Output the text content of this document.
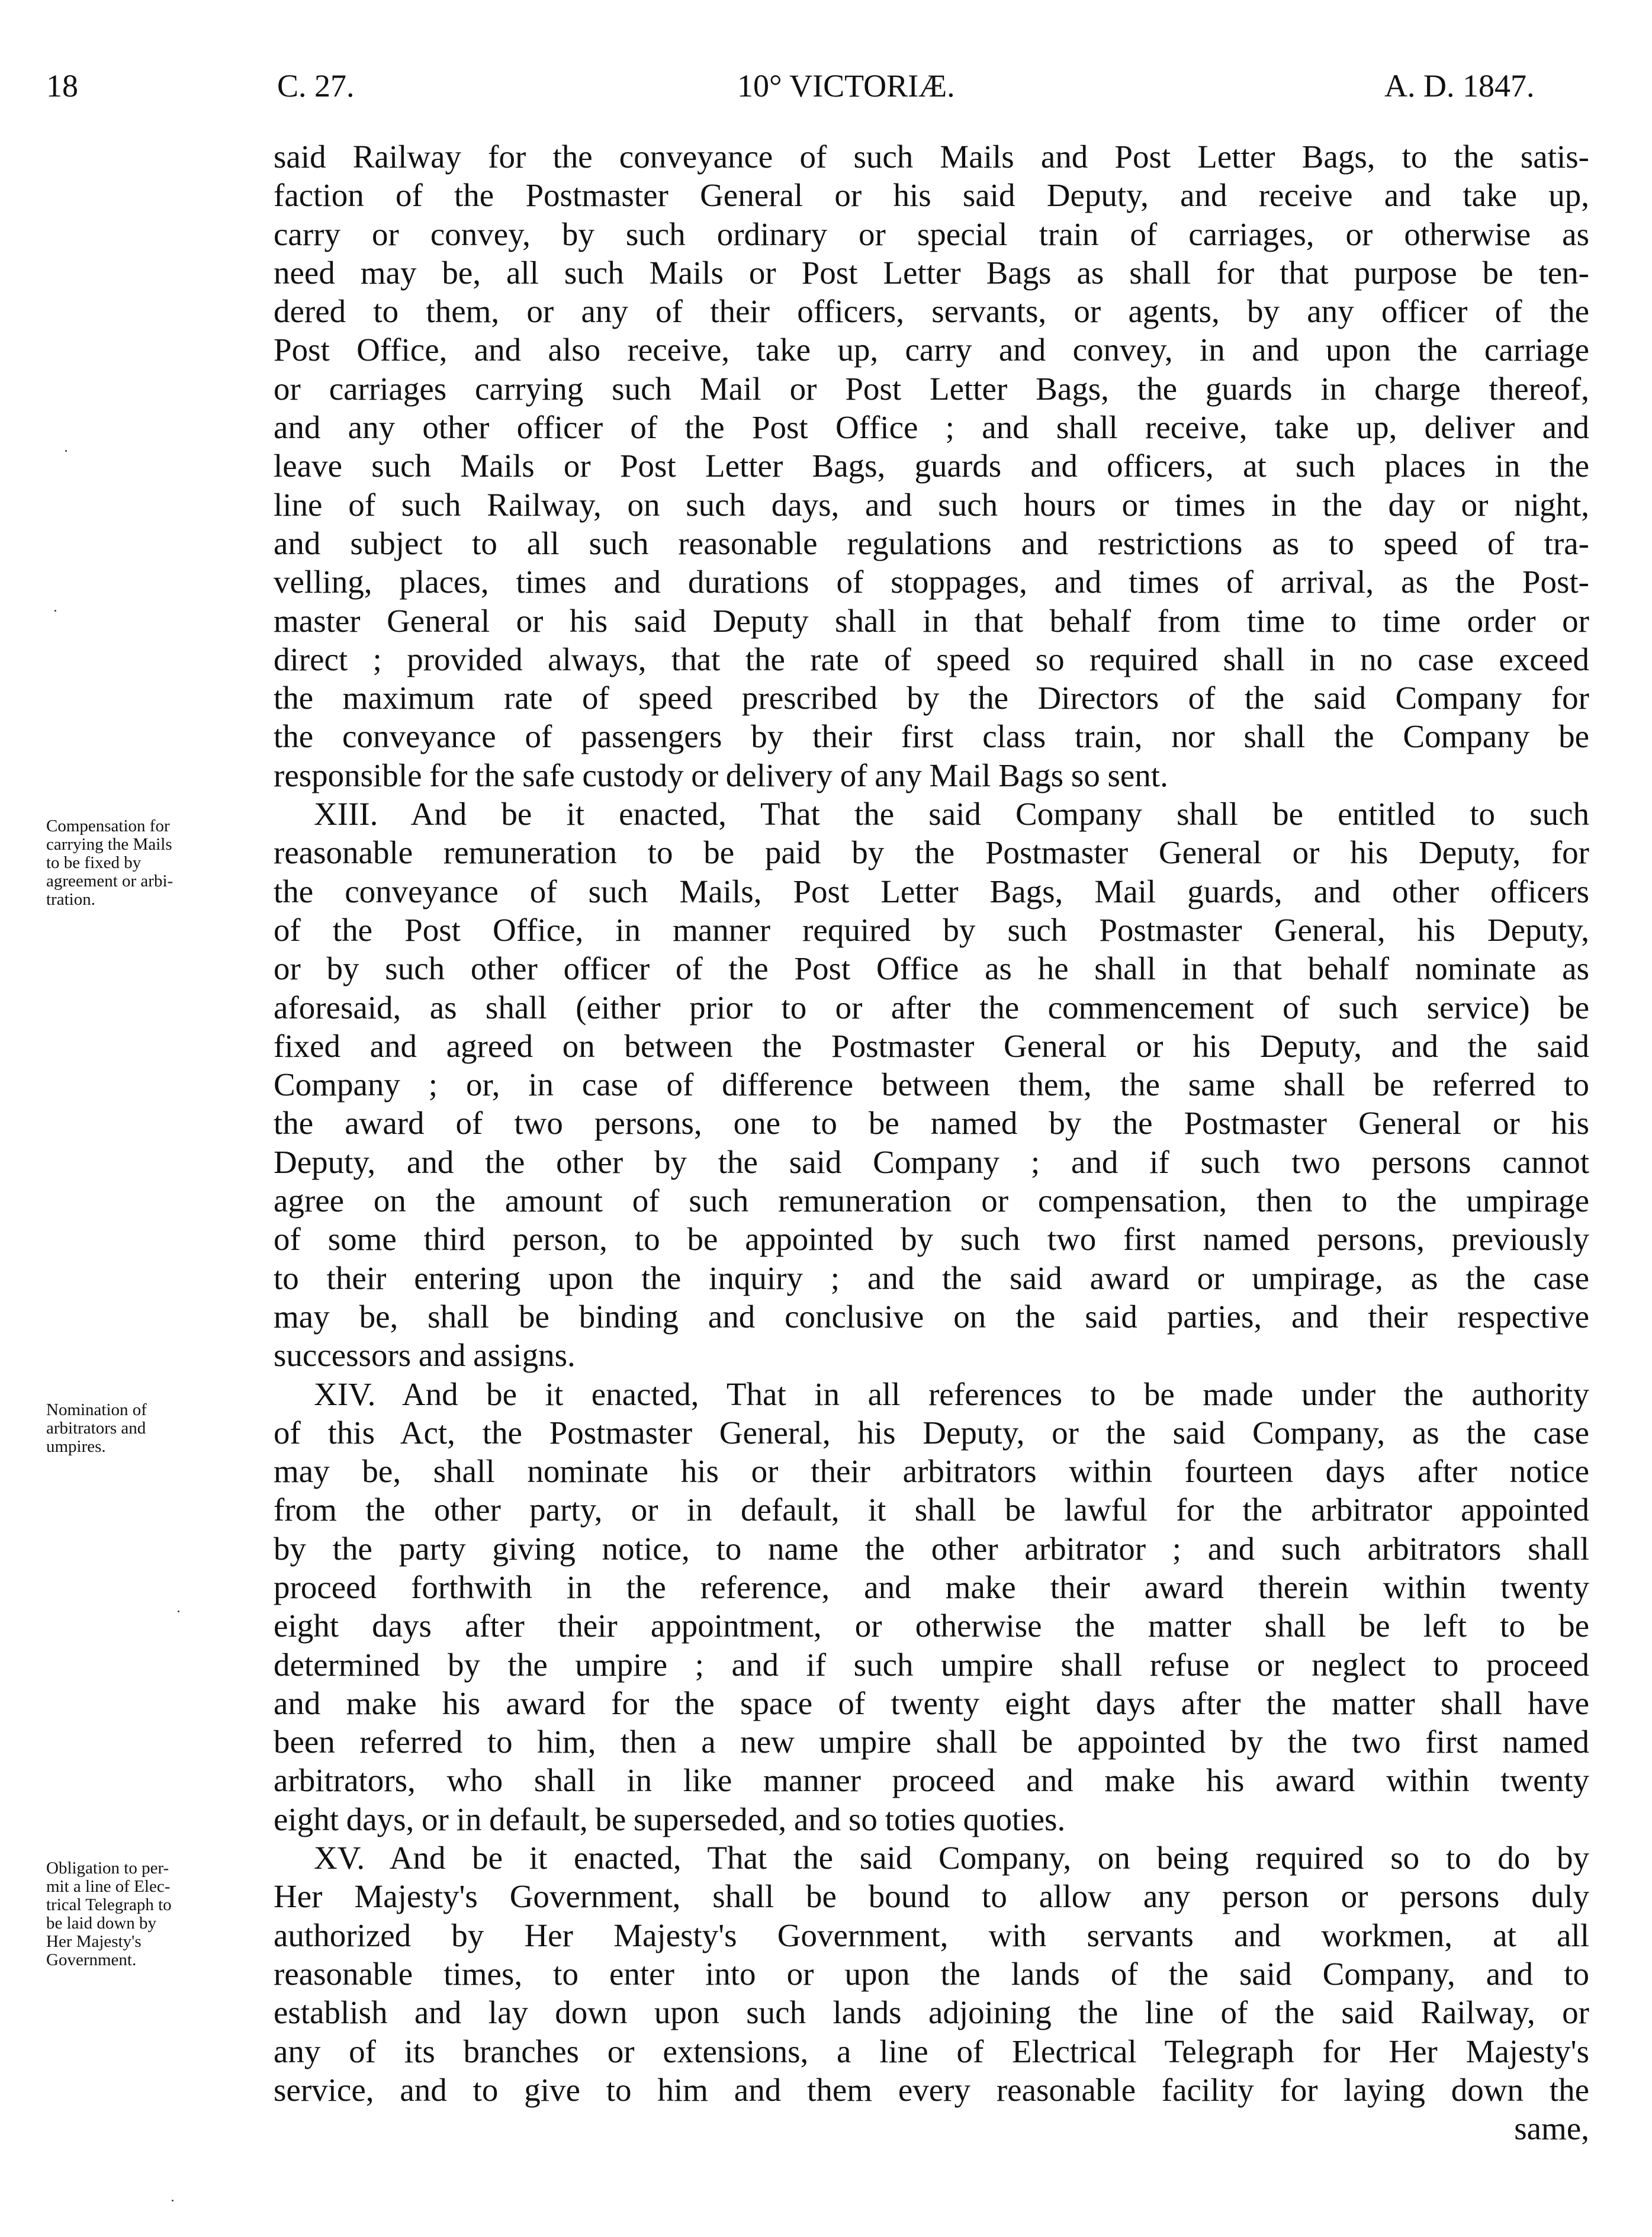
18	C. 27.	10° VICTORIÆ.	A. D. 1847.
Compensation for
carrying the Mails
to be fixed by
agreement or arbi-
tration.
Nomination of
arbitrators and
umpires.
Obligation to per-
mit a line of Elec-
trical Telegraph to
be laid down by
Her Majesty's
Government.
said Railway for the conveyance of such Mails and Post Letter Bags, to the satis-
faction of the Postmaster General or his said Deputy, and receive and take up,
carry or convey, by such ordinary or special train of carriages, or otherwise as
need may be, all such Mails or Post Letter Bags as shall for that purpose be ten-
dered to them, or any of their officers, servants, or agents, by any officer of the
Post Office, and also receive, take up, carry and convey, in and upon the carriage
or carriages carrying such Mail or Post Letter Bags, the guards in charge thereof,
and any other officer of the Post Office ; and shall receive, take up, deliver and
leave such Mails or Post Letter Bags, guards and officers, at such places in the
line of such Railway, on such days, and such hours or times in the day or night,
and subject to all such reasonable regulations and restrictions as to speed of tra-
velling, places, times and durations of stoppages, and times of arrival, as the Post-
master General or his said Deputy shall in that behalf from time to time order or
direct ; provided always, that the rate of speed so required shall in no case exceed
the maximum rate of speed prescribed by the Directors of the said Company for
the conveyance of passengers by their first class train, nor shall the Company be
responsible for the safe custody or delivery of any Mail Bags so sent.
XIII. And be it enacted, That the said Company shall be entitled to such
reasonable remuneration to be paid by the Postmaster General or his Deputy, for
the conveyance of such Mails, Post Letter Bags, Mail guards, and other officers
of the Post Office, in manner required by such Postmaster General, his Deputy,
or by such other officer of the Post Office as he shall in that behalf nominate as
aforesaid, as shall (either prior to or after the commencement of such service) be
fixed and agreed on between the Postmaster General or his Deputy, and the said
Company ; or, in case of difference between them, the same shall be referred to
the award of two persons, one to be named by the Postmaster General or his
Deputy, and the other by the said Company ; and if such two persons cannot
agree on the amount of such remuneration or compensation, then to the umpirage
of some third person, to be appointed by such two first named persons, previously
to their entering upon the inquiry ; and the said award or umpirage, as the case
may be, shall be binding and conclusive on the said parties, and their respective
successors and assigns.
XIV. And be it enacted, That in all references to be made under the authority
of this Act, the Postmaster General, his Deputy, or the said Company, as the case
may be, shall nominate his or their arbitrators within fourteen days after notice
from the other party, or in default, it shall be lawful for the arbitrator appointed
by the party giving notice, to name the other arbitrator ; and such arbitrators shall
proceed forthwith in the reference, and make their award therein within twenty
eight days after their appointment, or otherwise the matter shall be left to be
determined by the umpire ; and if such umpire shall refuse or neglect to proceed
and make his award for the space of twenty eight days after the matter shall have
been referred to him, then a new umpire shall be appointed by the two first named
arbitrators, who shall in like manner proceed and make his award within twenty
eight days, or in default, be superseded, and so toties quoties.
XV. And be it enacted, That the said Company, on being required so to do by
Her Majesty's Government, shall be bound to allow any person or persons duly
authorized by Her Majesty's Government, with servants and workmen, at all
reasonable times, to enter into or upon the lands of the said Company, and to
establish and lay down upon such lands adjoining the line of the said Railway, or
any of its branches or extensions, a line of Electrical Telegraph for Her Majesty's
service, and to give to him and them every reasonable facility for laying down the
same,
